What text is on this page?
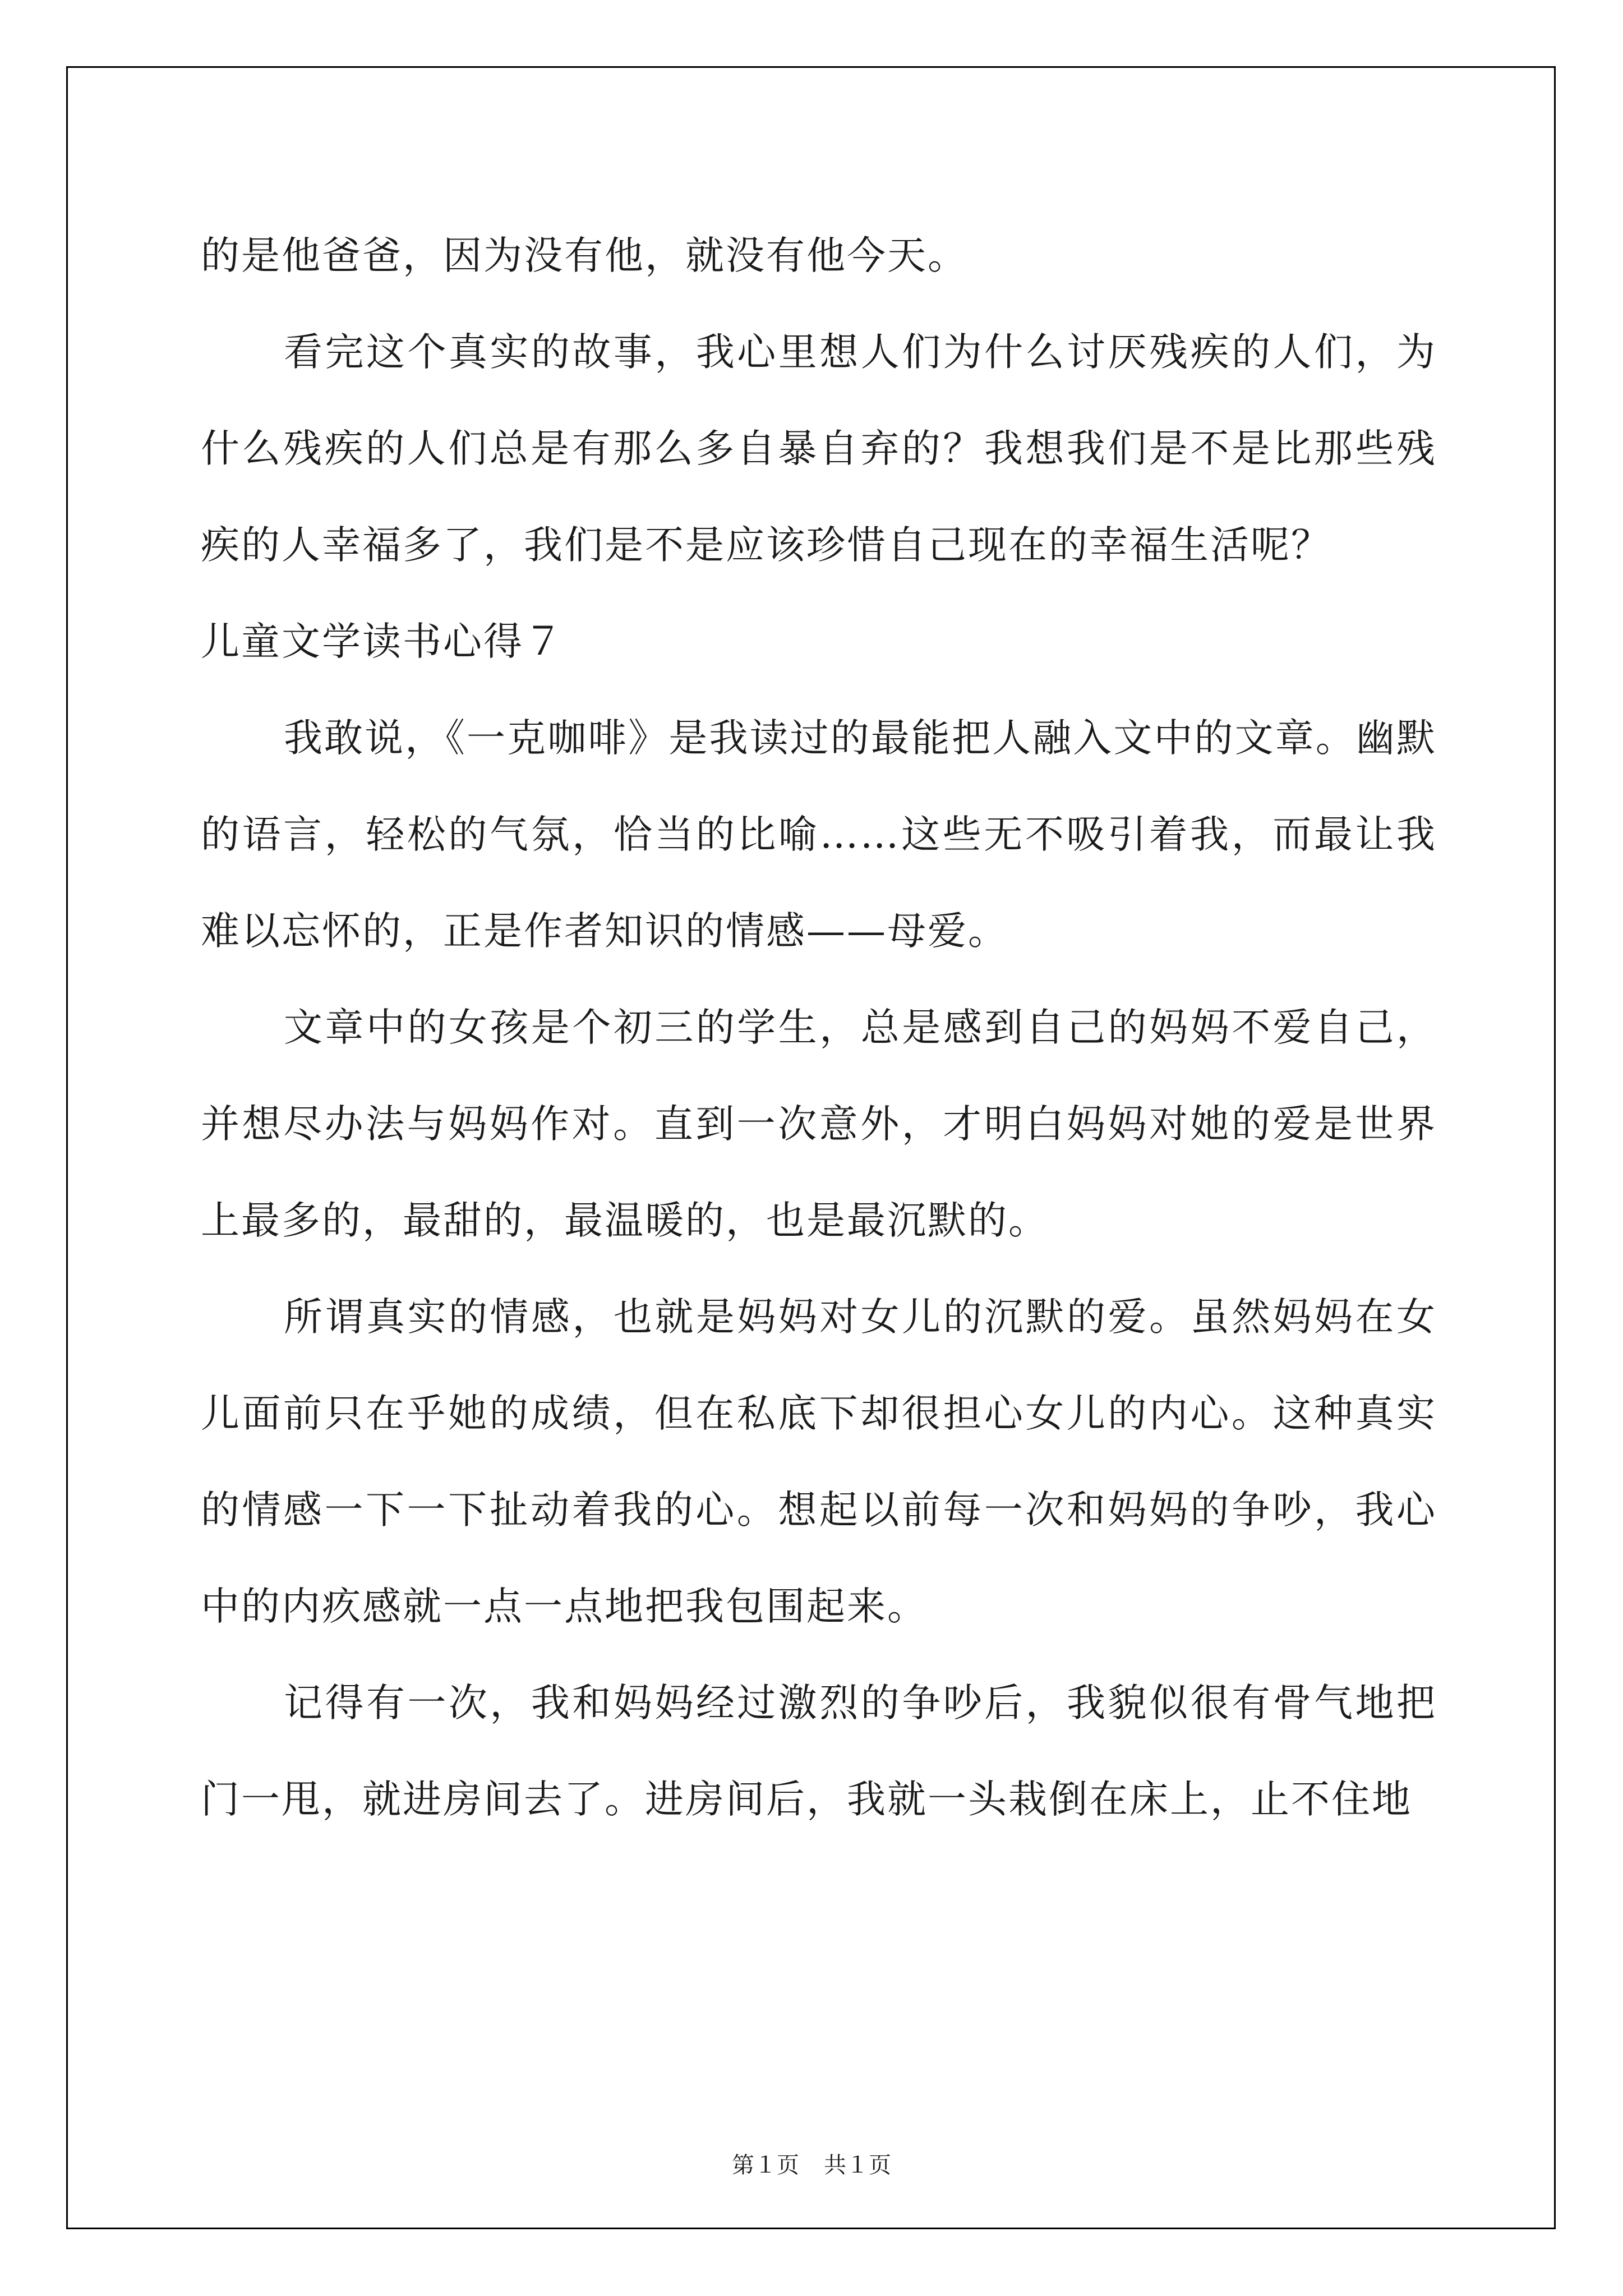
的是他爸爸，因为没有他，就没有他今天。

看完这个真实的故事，我心里想人们为什么讨厌残疾的人们，为什么残疾的人们总是有那么多自暴自弃的？我想我们是不是比那些残疾的人幸福多了，我们是不是应该珍惜自己现在的幸福生活呢？

儿童文学读书心得７

我敢说，《一克咖啡》是我读过的最能把人融入文中的文章。幽默的语言，轻松的气氛，恰当的比喻……这些无不吸引着我，而最让我难以忘怀的，正是作者知识的情感——母爱。

文章中的女孩是个初三的学生，总是感到自己的妈妈不爱自己，并想尽办法与妈妈作对。直到一次意外，才明白妈妈对她的爱是世界上最多的，最甜的，最温暖的，也是最沉默的。

所谓真实的情感，也就是妈妈对女儿的沉默的爱。虽然妈妈在女儿面前只在乎她的成绩，但在私底下却很担心女儿的内心。这种真实的情感一下一下扯动着我的心。想起以前每一次和妈妈的争吵，我心中的内疚感就一点一点地把我包围起来。

记得有一次，我和妈妈经过激烈的争吵后，我貌似很有骨气地把门一甩，就进房间去了。进房间后，我就一头栽倒在床上，止不住地

第１页 共１页
